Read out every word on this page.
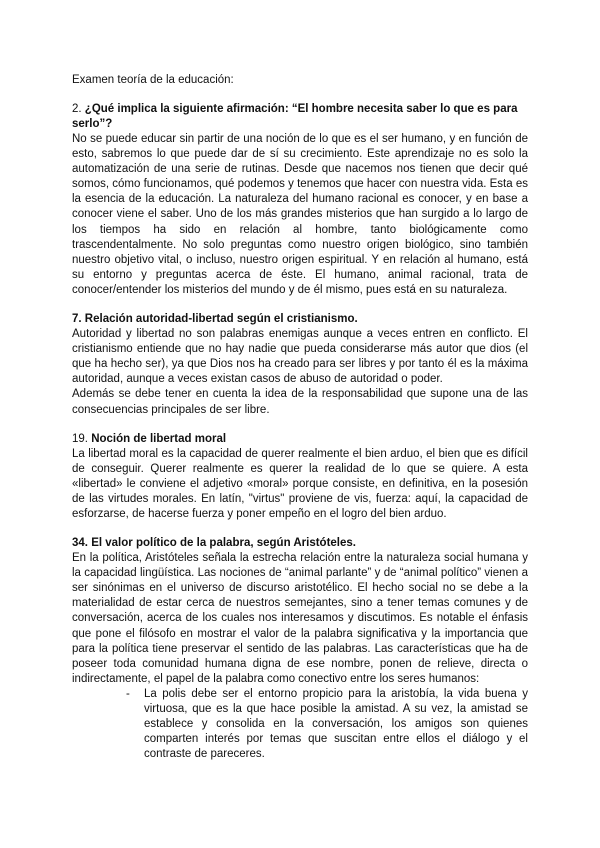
Examen teoría de la educación:

2. ¿Qué implica la siguiente afirmación: “El hombre necesita saber lo que es para serlo”?

No se puede educar sin partir de una noción de lo que es el ser humano, y en función de esto, sabremos lo que puede dar de sí su crecimiento. Este aprendizaje no es solo la automatización de una serie de rutinas. Desde que nacemos nos tienen que decir qué somos, cómo funcionamos, qué podemos y tenemos que hacer con nuestra vida. Esta es la esencia de la educación. La naturaleza del humano racional es conocer, y en base a conocer viene el saber. Uno de los más grandes misterios que han surgido a lo largo de los tiempos ha sido en relación al hombre, tanto biológicamente como trascendentalmente. No solo preguntas como nuestro origen biológico, sino también nuestro objetivo vital, o incluso, nuestro origen espiritual. Y en relación al humano, está su entorno y preguntas acerca de éste. El humano, animal racional, trata de conocer/entender los misterios del mundo y de él mismo, pues está en su naturaleza.

7. Relación autoridad-libertad según el cristianismo.

Autoridad y libertad no son palabras enemigas aunque a veces entren en conflicto. El cristianismo entiende que no hay nadie que pueda considerarse más autor que dios (el que ha hecho ser), ya que Dios nos ha creado para ser libres y por tanto él es la máxima autoridad, aunque a veces existan casos de abuso de autoridad o poder.

Además se debe tener en cuenta la idea de la responsabilidad que supone una de las consecuencias principales de ser libre.

19. Noción de libertad moral

La libertad moral es la capacidad de querer realmente el bien arduo, el bien que es difícil de conseguir. Querer realmente es querer la realidad de lo que se quiere. A esta «libertad» le conviene el adjetivo «moral» porque consiste, en definitiva, en la posesión de las virtudes morales. En latín, "virtus" proviene de vis, fuerza: aquí, la capacidad de esforzarse, de hacerse fuerza y poner empeño en el logro del bien arduo.

34. El valor político de la palabra, según Aristóteles.

En la política, Aristóteles señala la estrecha relación entre la naturaleza social humana y la capacidad lingüística. Las nociones de “animal parlante” y de “animal político” vienen a ser sinónimas en el universo de discurso aristotélico. El hecho social no se debe a la materialidad de estar cerca de nuestros semejantes, sino a tener temas comunes y de conversación, acerca de los cuales nos interesamos y discutimos. Es notable el énfasis que pone el filósofo en mostrar el valor de la palabra significativa y la importancia que para la política tiene preservar el sentido de las palabras. Las características que ha de poseer toda comunidad humana digna de ese nombre, ponen de relieve, directa o indirectamente, el papel de la palabra como conectivo entre los seres humanos:

- La polis debe ser el entorno propicio para la aristobía, la vida buena y virtuosa, que es la que hace posible la amistad. A su vez, la amistad se establece y consolida en la conversación, los amigos son quienes comparten interés por temas que suscitan entre ellos el diálogo y el contraste de pareceres.
